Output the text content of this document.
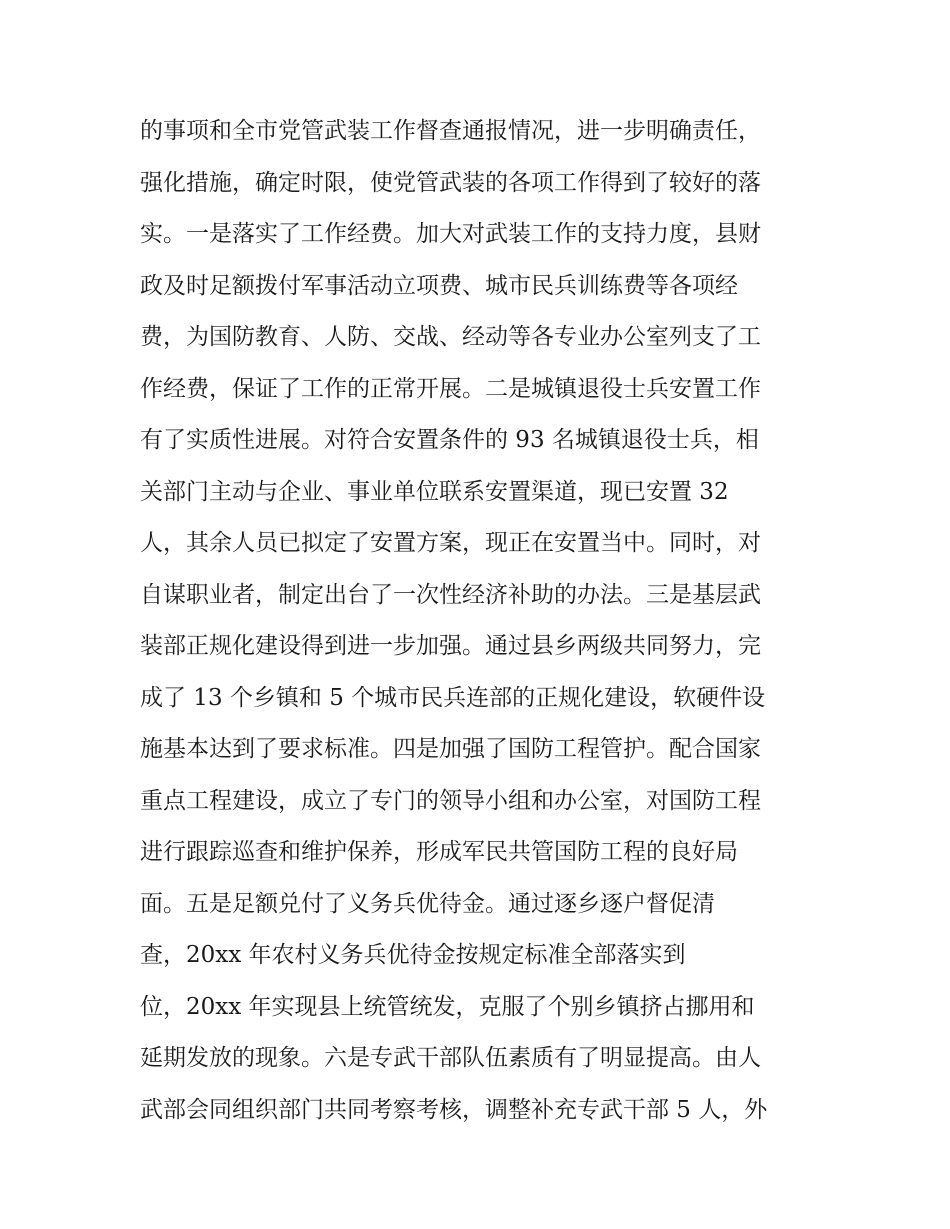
的事项和全市党管武装工作督查通报情况，进一步明确责任，
强化措施，确定时限，使党管武装的各项工作得到了较好的落
实。一是落实了工作经费。加大对武装工作的支持力度，县财
政及时足额拨付军事活动立项费、城市民兵训练费等各项经
费，为国防教育、人防、交战、经动等各专业办公室列支了工
作经费，保证了工作的正常开展。二是城镇退役士兵安置工作
有了实质性进展。对符合安置条件的 93 名城镇退役士兵，相
关部门主动与企业、事业单位联系安置渠道，现已安置 32
人，其余人员已拟定了安置方案，现正在安置当中。同时，对
自谋职业者，制定出台了一次性经济补助的办法。三是基层武
装部正规化建设得到进一步加强。通过县乡两级共同努力，完
成了 13 个乡镇和 5 个城市民兵连部的正规化建设，软硬件设
施基本达到了要求标准。四是加强了国防工程管护。配合国家
重点工程建设，成立了专门的领导小组和办公室，对国防工程
进行跟踪巡查和维护保养，形成军民共管国防工程的良好局
面。五是足额兑付了义务兵优待金。通过逐乡逐户督促清
查，20xx 年农村义务兵优待金按规定标准全部落实到
位，20xx 年实现县上统管统发，克服了个别乡镇挤占挪用和
延期发放的现象。六是专武干部队伍素质有了明显提高。由人
武部会同组织部门共同考察考核，调整补充专武干部 5 人，外
